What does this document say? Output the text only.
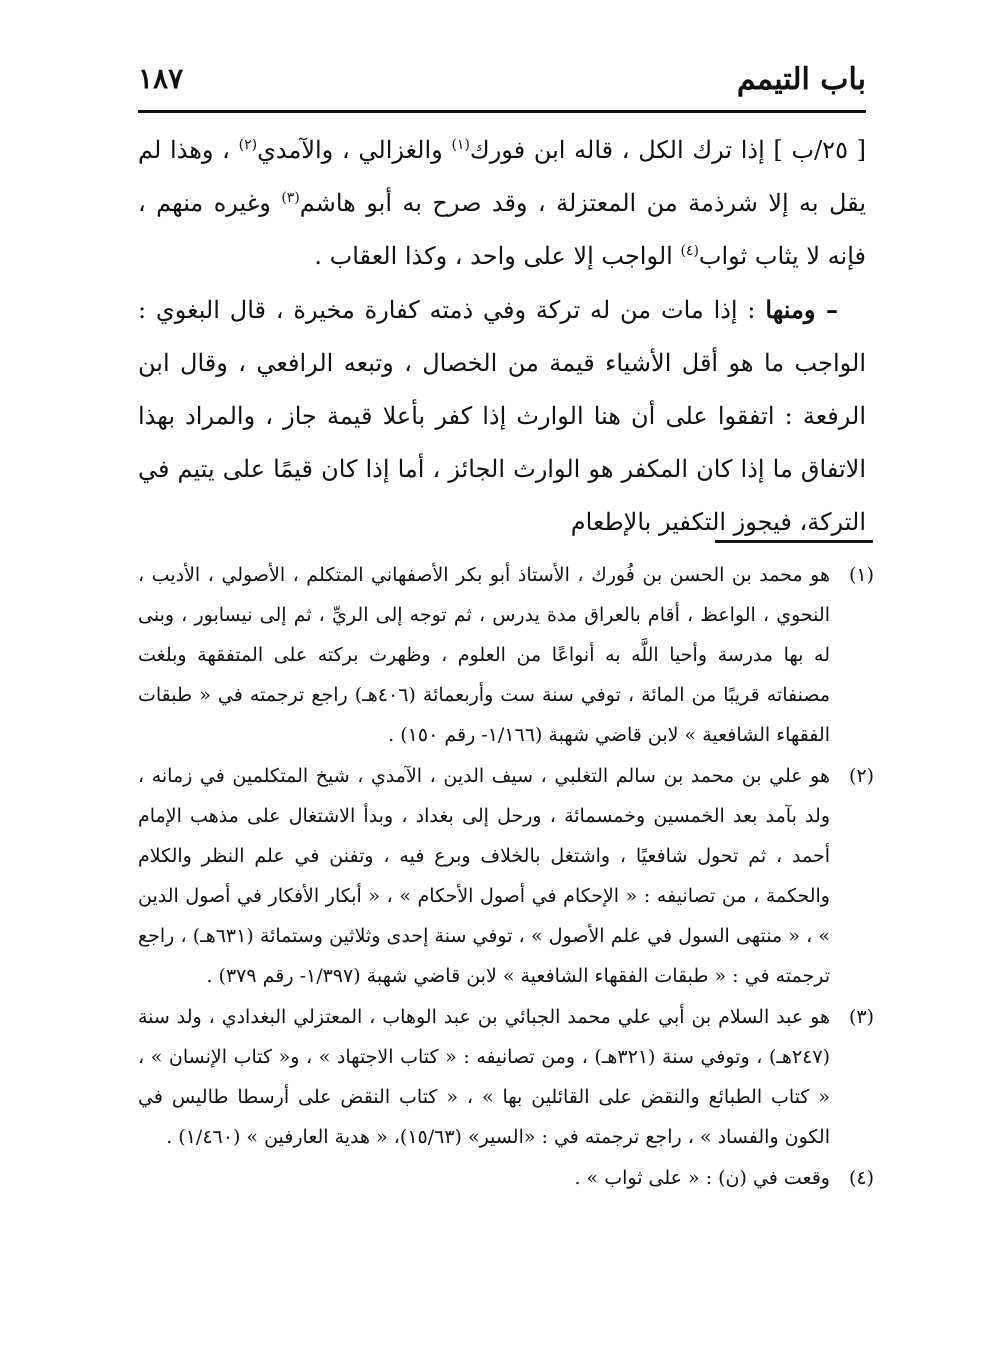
باب التيمم
١٨٧

[ ٢٥/ب ] إذا ترك الكل ، قاله ابن فورك$^{(١)}$ والغزالي ، والآمدي$^{(٢)}$ ، وهذا لم يقل به إلا شرذمة من المعتزلة ، وقد صرح به أبو هاشم$^{(٣)}$ وغيره منهم ، فإنه لا يثاب ثواب$^{(٤)}$ الواجب إلا على واحد ، وكذا العقاب .

– ومنها : إذا مات من له تركة وفي ذمته كفارة مخيرة ، قال البغوي : الواجب ما هو أقل الأشياء قيمة من الخصال ، وتبعه الرافعي ، وقال ابن الرفعة : اتفقوا على أن هنا الوارث إذا كفر بأعلا قيمة جاز ، والمراد بهذا الاتفاق ما إذا كان المكفر هو الوارث الجائز ، أما إذا كان قيمًا على يتيم في التركة، فيجوز التكفير بالإطعام

(١)
هو محمد بن الحسن بن فُورك ، الأستاذ أبو بكر الأصفهاني المتكلم ، الأصولي ، الأديب ، النحوي ، الواعظ ، أقام بالعراق مدة يدرس ، ثم توجه إلى الريِّ ، ثم إلى نيسابور ، وبنى له بها مدرسة وأحيا اللَّه به أنواعًا من العلوم ، وظهرت بركته على المتفقهة وبلغت مصنفاته قريبًا من المائة ، توفي سنة ست وأربعمائة (٤٠٦هـ) راجع ترجمته في « طبقات الفقهاء الشافعية » لابن قاضي شهبة (١/١٦٦- رقم ١٥٠) .
(٢)
هو علي بن محمد بن سالم التغلبي ، سيف الدين ، الآمدي ، شيخ المتكلمين في زمانه ، ولد بآمد بعد الخمسين وخمسمائة ، ورحل إلى بغداد ، وبدأ الاشتغال على مذهب الإمام أحمد ، ثم تحول شافعيًا ، واشتغل بالخلاف وبرع فيه ، وتفنن في علم النظر والكلام والحكمة ، من تصانيفه : « الإحكام في أصول الأحكام » ، « أبكار الأفكار في أصول الدين » ، « منتهى السول في علم الأصول » ، توفي سنة إحدى وثلاثين وستمائة (٦٣١هـ) ، راجع ترجمته في : « طبقات الفقهاء الشافعية » لابن قاضي شهبة (١/٣٩٧- رقم ٣٧٩) .
(٣)
هو عبد السلام بن أبي علي محمد الجبائي بن عبد الوهاب ، المعتزلي البغدادي ، ولد سنة (٢٤٧هـ) ، وتوفي سنة (٣٢١هـ) ، ومن تصانيفه : « كتاب الاجتهاد » ، و« كتاب الإنسان » ، « كتاب الطبائع والنقض على القائلين بها » ، « كتاب النقض على أرسطا طاليس في الكون والفساد » ، راجع ترجمته في : «السير» (١٥/٦٣)، « هدية العارفين » (١/٤٦٠) .
(٤)
وقعت في (ن) : « على ثواب » .
